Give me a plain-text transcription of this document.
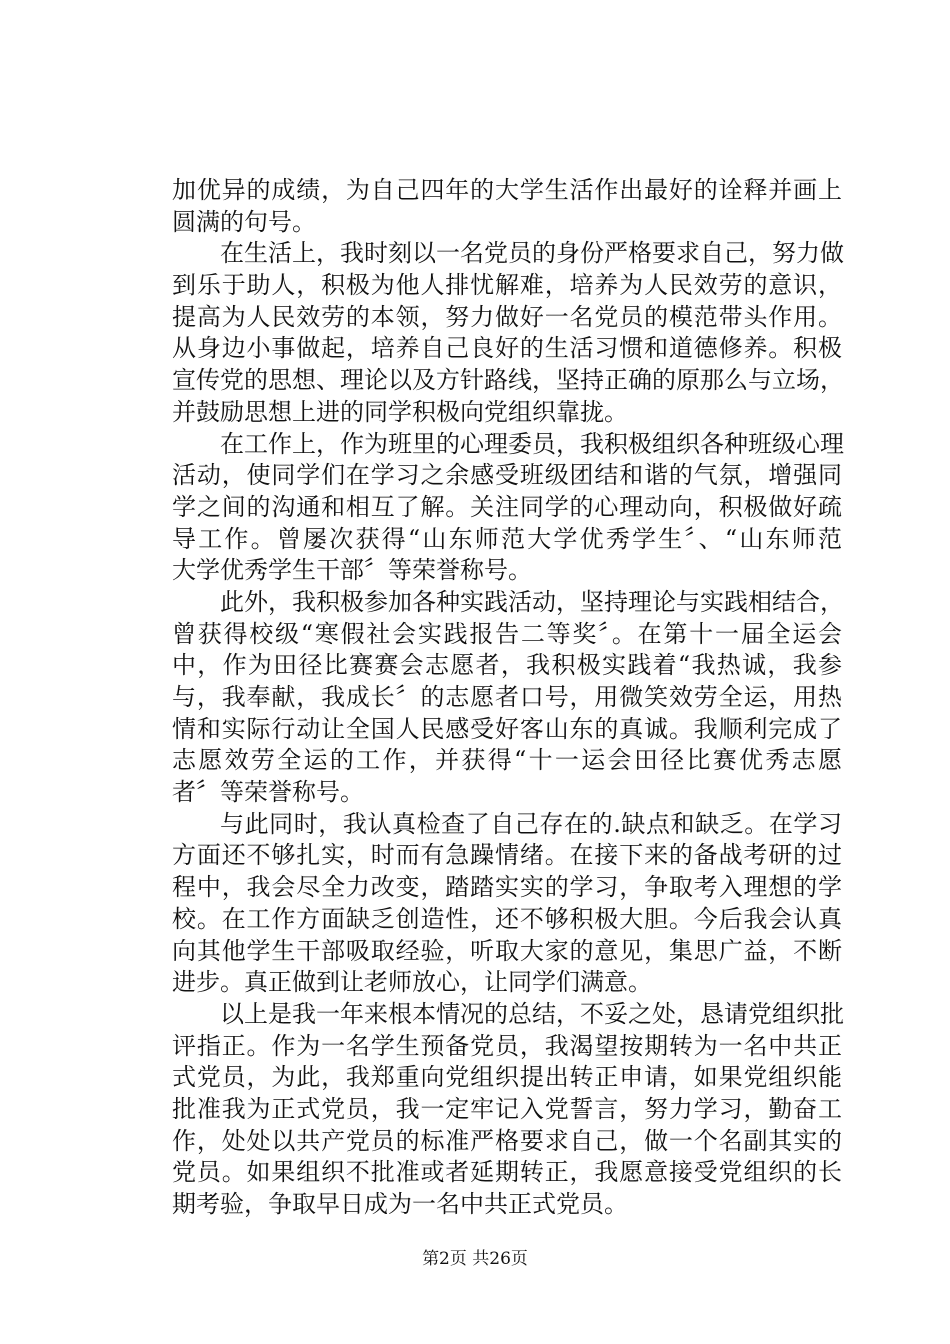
加优异的成绩，为自己四年的大学生活作出最好的诠释并画上
圆满的句号。
在生活上，我时刻以一名党员的身份严格要求自己，努力做
到乐于助人，积极为他人排忧解难，培养为人民效劳的意识，
提高为人民效劳的本领，努力做好一名党员的模范带头作用。
从身边小事做起，培养自己良好的生活习惯和道德修养。积极
宣传党的思想、理论以及方针路线，坚持正确的原那么与立场，
并鼓励思想上进的同学积极向党组织靠拢。
在工作上，作为班里的心理委员，我积极组织各种班级心理
活动，使同学们在学习之余感受班级团结和谐的气氛，增强同
学之间的沟通和相互了解。关注同学的心理动向，积极做好疏
导工作。曾屡次获得“山东师范大学优秀学生〞、“山东师范
大学优秀学生干部〞等荣誉称号。
此外，我积极参加各种实践活动，坚持理论与实践相结合，
曾获得校级“寒假社会实践报告二等奖〞。在第十一届全运会
中，作为田径比赛赛会志愿者，我积极实践着“我热诚，我参
与，我奉献，我成长〞的志愿者口号，用微笑效劳全运，用热
情和实际行动让全国人民感受好客山东的真诚。我顺利完成了
志愿效劳全运的工作，并获得“十一运会田径比赛优秀志愿
者〞等荣誉称号。
与此同时，我认真检查了自己存在的.缺点和缺乏。在学习
方面还不够扎实，时而有急躁情绪。在接下来的备战考研的过
程中，我会尽全力改变，踏踏实实的学习，争取考入理想的学
校。在工作方面缺乏创造性，还不够积极大胆。今后我会认真
向其他学生干部吸取经验，听取大家的意见，集思广益，不断
进步。真正做到让老师放心，让同学们满意。
以上是我一年来根本情况的总结，不妥之处，恳请党组织批
评指正。作为一名学生预备党员，我渴望按期转为一名中共正
式党员，为此，我郑重向党组织提出转正申请，如果党组织能
批准我为正式党员，我一定牢记入党誓言，努力学习，勤奋工
作，处处以共产党员的标准严格要求自己，做一个名副其实的
党员。如果组织不批准或者延期转正，我愿意接受党组织的长
期考验，争取早日成为一名中共正式党员。
第2页 共26页
